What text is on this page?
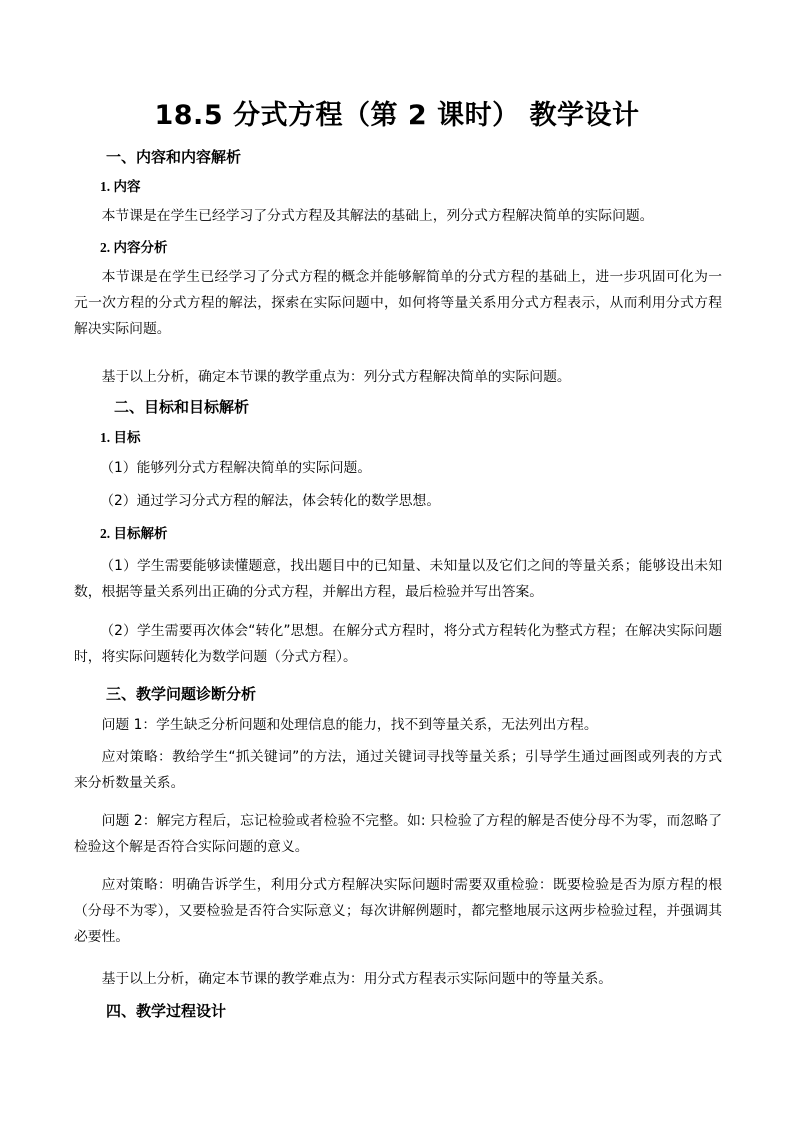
18.5 分式方程（第 2 课时） 教学设计
一、内容和内容解析
1. 内容

本节课是在学生已经学习了分式方程及其解法的基础上，列分式方程解决简单的实际问题。

2. 内容分析

本节课是在学生已经学习了分式方程的概念并能够解简单的分式方程的基础上，进一步巩固可化为一元一次方程的分式方程的解法，探索在实际问题中，如何将等量关系用分式方程表示，从而利用分式方程解决实际问题。

基于以上分析，确定本节课的教学重点为：列分式方程解决简单的实际问题。

二、目标和目标解析
1. 目标

（1）能够列分式方程解决简单的实际问题。

（2）通过学习分式方程的解法，体会转化的数学思想。

2. 目标解析

（1）学生需要能够读懂题意，找出题目中的已知量、未知量以及它们之间的等量关系；能够设出未知数，根据等量关系列出正确的分式方程，并解出方程，最后检验并写出答案。

（2）学生需要再次体会“转化”思想。在解分式方程时，将分式方程转化为整式方程；在解决实际问题时，将实际问题转化为数学问题（分式方程）。

三、教学问题诊断分析

问题 1：学生缺乏分析问题和处理信息的能力，找不到等量关系，无法列出方程。

应对策略：教给学生“抓关键词”的方法，通过关键词寻找等量关系；引导学生通过画图或列表的方式来分析数量关系。

问题 2：解完方程后，忘记检验或者检验不完整。如: 只检验了方程的解是否使分母不为零，而忽略了检验这个解是否符合实际问题的意义。

应对策略：明确告诉学生，利用分式方程解决实际问题时需要双重检验：既要检验是否为原方程的根（分母不为零），又要检验是否符合实际意义；每次讲解例题时，都完整地展示这两步检验过程，并强调其必要性。

基于以上分析，确定本节课的教学难点为：用分式方程表示实际问题中的等量关系。

四、教学过程设计
